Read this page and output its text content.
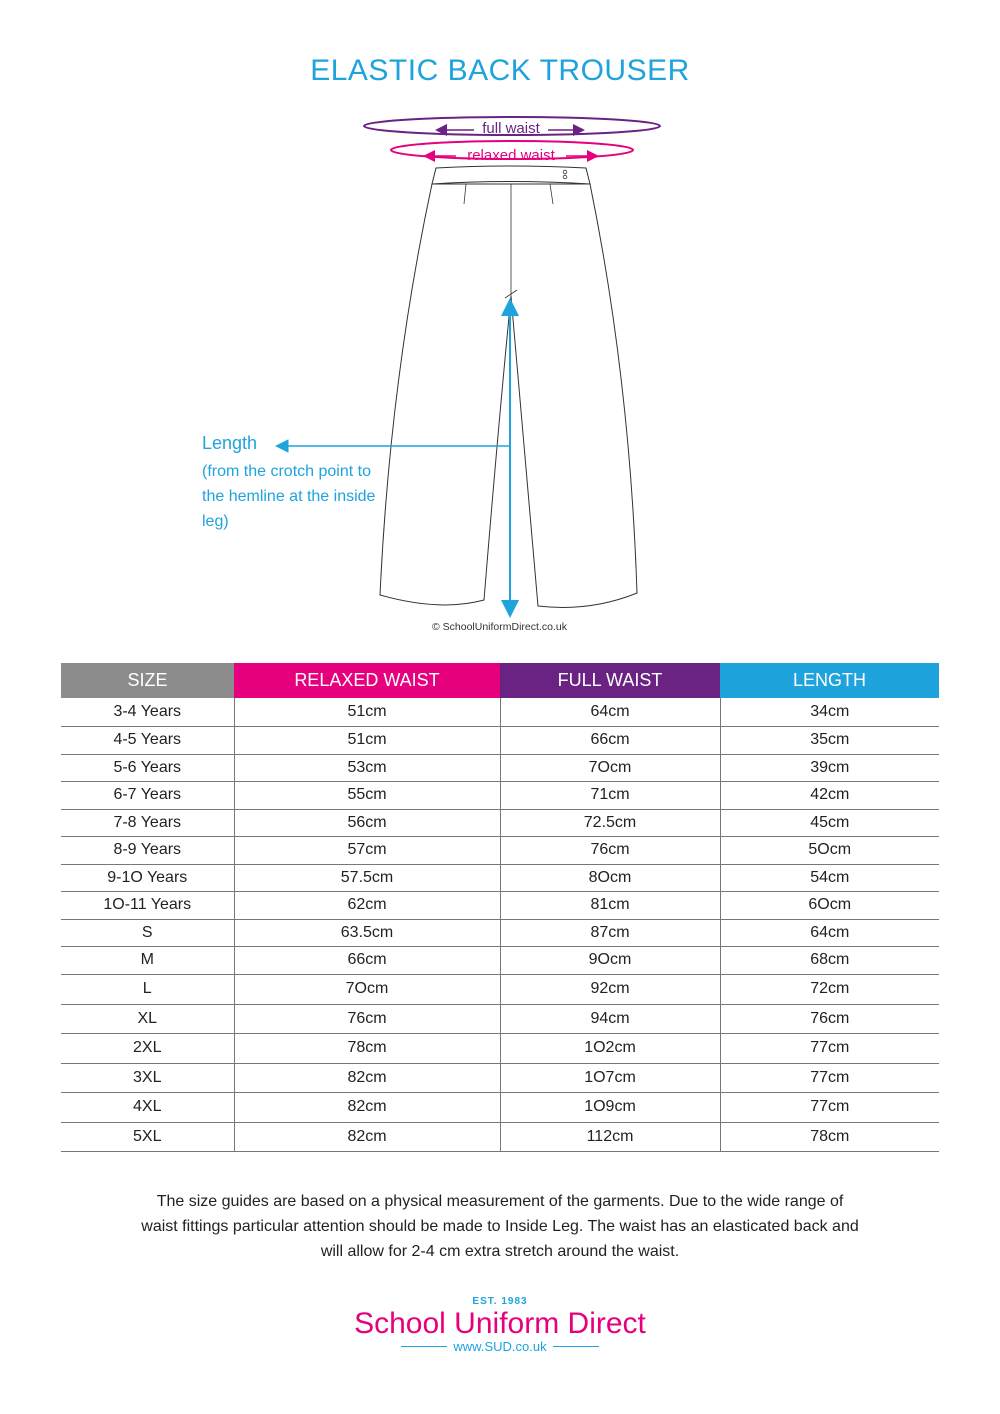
ELASTIC BACK TROUSER
full waist
relaxed waist
Length
(from the crotch point to the hemline at the inside leg)
© SchoolUniformDirect.co.uk
SIZE	RELAXED WAIST	FULL WAIST	LENGTH
3-4 Years	51cm	64cm	34cm
4-5 Years	51cm	66cm	35cm
5-6 Years	53cm	7Ocm	39cm
6-7 Years	55cm	71cm	42cm
7-8 Years	56cm	72.5cm	45cm
8-9 Years	57cm	76cm	5Ocm
9-1O Years	57.5cm	8Ocm	54cm
1O-11 Years	62cm	81cm	6Ocm
S	63.5cm	87cm	64cm
M	66cm	9Ocm	68cm
L	7Ocm	92cm	72cm
XL	76cm	94cm	76cm
2XL	78cm	1O2cm	77cm
3XL	82cm	1O7cm	77cm
4XL	82cm	1O9cm	77cm
5XL	82cm	112cm	78cm
The size guides are based on a physical measurement of the garments. Due to the wide range of waist fittings particular attention should be made to Inside Leg. The waist has an elasticated back and will allow for 2-4 cm extra stretch around the waist.
EST. 1983
School Uniform Direct
www.SUD.co.uk
